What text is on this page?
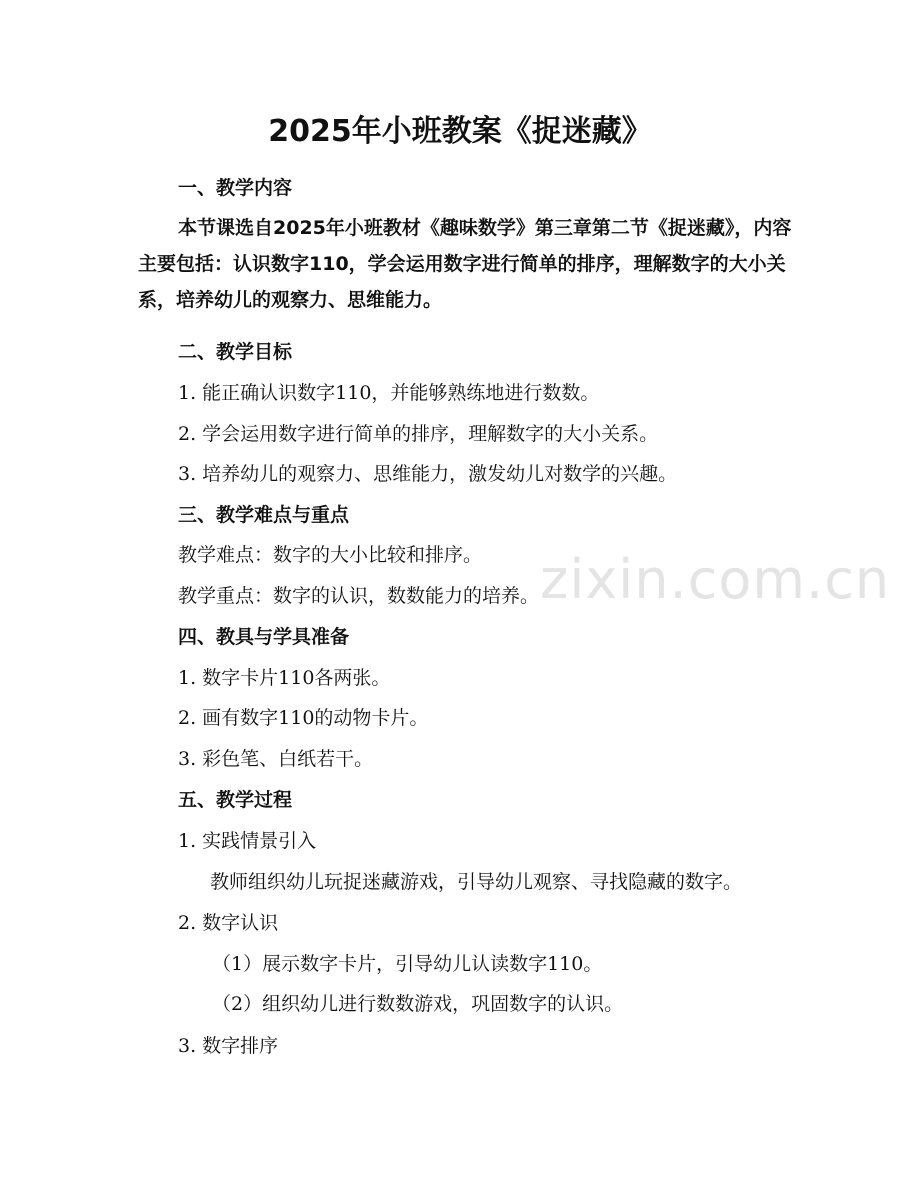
zixin.com.cn
2025年小班教案《捉迷藏》
一、教学内容
本节课选自2025年小班教材《趣味数学》第三章第二节《捉迷藏》，内容主要包括：认识数字110，学会运用数字进行简单的排序，理解数字的大小关系，培养幼儿的观察力、思维能力。
二、教学目标
1. 能正确认识数字110，并能够熟练地进行数数。
2. 学会运用数字进行简单的排序，理解数字的大小关系。
3. 培养幼儿的观察力、思维能力，激发幼儿对数学的兴趣。
三、教学难点与重点
教学难点：数字的大小比较和排序。
教学重点：数字的认识，数数能力的培养。
四、教具与学具准备
1. 数字卡片110各两张。
2. 画有数字110的动物卡片。
3. 彩色笔、白纸若干。
五、教学过程
1. 实践情景引入
教师组织幼儿玩捉迷藏游戏，引导幼儿观察、寻找隐藏的数字。
2. 数字认识
（1）展示数字卡片，引导幼儿认读数字110。
（2）组织幼儿进行数数游戏，巩固数字的认识。
3. 数字排序
